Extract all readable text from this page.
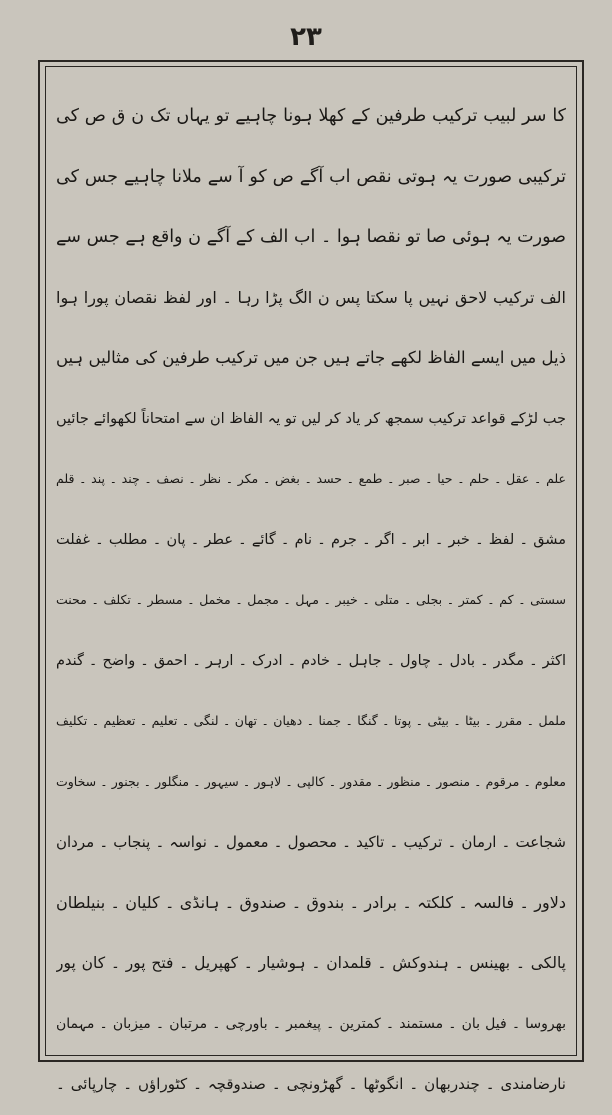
۲۳
کا سر لبیب ترکیب طرفین کے کھلا ہونا چاہیے تو یہاں تک ن ق ص کی
ترکیبی صورت یہ ہوتی نقص اب آگے ص کو آ سے ملانا چاہیے جس کی
صورت یہ ہوئی صا تو نقصا ہوا ۔ اب الف کے آگے ن واقع ہے جس سے
الف ترکیب لاحق نہیں پا سکتا پس ن الگ پڑا رہا ۔ اور لفظ نقصان پورا ہوا
ذیل میں ایسے الفاظ لکھے جاتے ہیں جن میں ترکیب طرفین کی مثالیں ہیں
جب لڑکے قواعد ترکیب سمجھ کر یاد کر لیں تو یہ الفاظ ان سے امتحاناً لکھوائے جائیں
علم ۔ عقل ۔ حلم ۔ حیا ۔ صبر ۔ طمع ۔ حسد ۔ بغض ۔ مکر ۔ نظر ۔ نصف ۔ چند ۔ پند ۔ قلم
مشق ۔ لفظ ۔ خبر ۔ ابر ۔ اگر ۔ جرم ۔ نام ۔ گائے ۔ عطر ۔ پان ۔ مطلب ۔ غفلت
سستی ۔ کم ۔ کمتر ۔ بجلی ۔ متلی ۔ خیبر ۔ مہل ۔ مجمل ۔ مخمل ۔ مسطر ۔ تکلف ۔ محنت
اکثر ۔ مگدر ۔ بادل ۔ چاول ۔ جاہل ۔ خادم ۔ ادرک ۔ ارہر ۔ احمق ۔ واضح ۔ گندم
ململ ۔ مقرر ۔ بیٹا ۔ بیٹی ۔ پوتا ۔ گنگا ۔ جمنا ۔ دھیان ۔ تھان ۔ لنگی ۔ تعلیم ۔ تعظیم ۔ تکلیف
معلوم ۔ مرقوم ۔ منصور ۔ منظور ۔ مقدور ۔ کالپی ۔ لاہور ۔ سیہور ۔ منگلور ۔ بجنور ۔ سخاوت
شجاعت ۔ ارمان ۔ ترکیب ۔ تاکید ۔ محصول ۔ معمول ۔ نواسہ ۔ پنجاب ۔ مردان
دلاور ۔ فالسہ ۔ کلکتہ ۔ برادر ۔ بندوق ۔ صندوق ۔ ہانڈی ۔ کلیان ۔ بنیلطان
پالکی ۔ بھینس ۔ ہندوکش ۔ قلمدان ۔ ہوشیار ۔ کھپریل ۔ فتح پور ۔ کان پور
بھروسا ۔ فیل بان ۔ مستمند ۔ کمترین ۔ پیغمبر ۔ باورچی ۔ مرتبان ۔ میزبان ۔ مہمان
نارضامندی ۔ چندربھان ۔ انگوٹھا ۔ گھڑونچی ۔ صندوقچہ ۔ کٹوراؤں ۔ چارپائی ۔
